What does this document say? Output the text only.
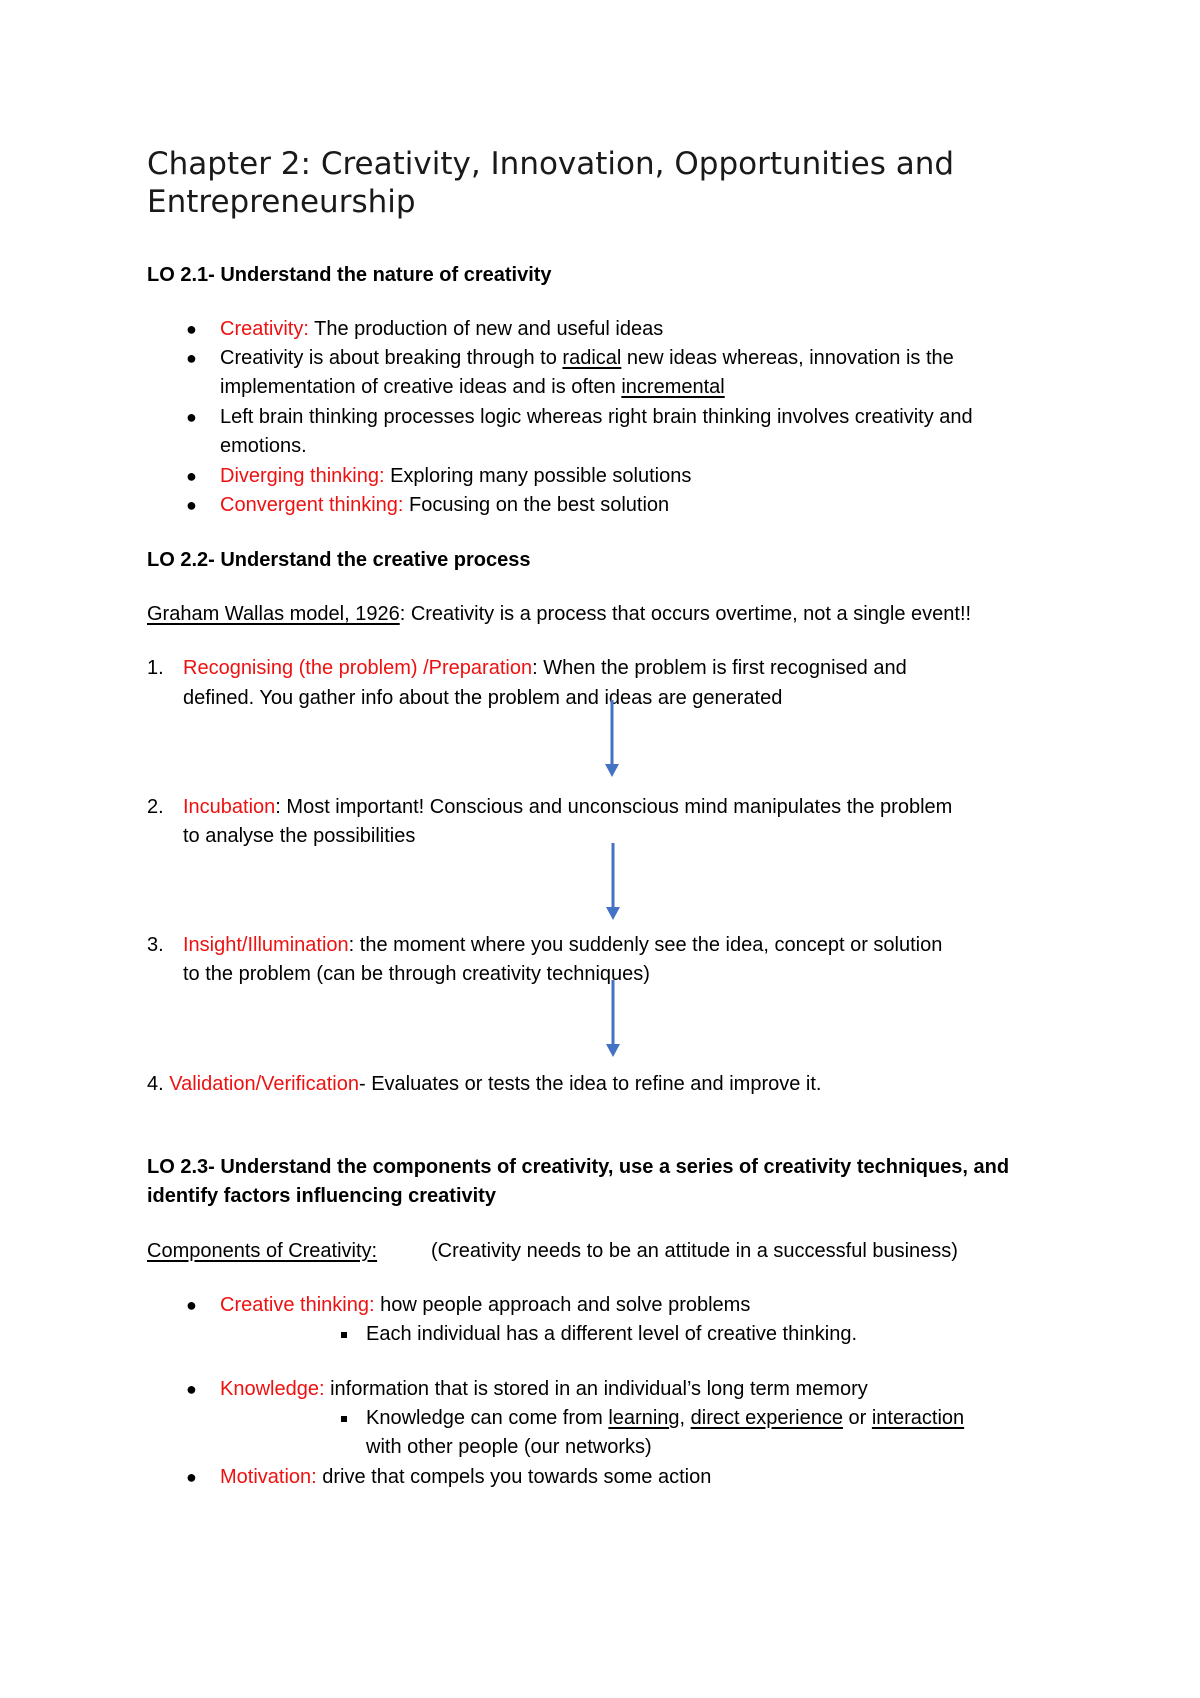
Chapter 2: Creativity, Innovation, Opportunities and
Entrepreneurship
LO 2.1- Understand the nature of creativity
● Creativity: The production of new and useful ideas
● Creativity is about breaking through to radical new ideas whereas, innovation is the
implementation of creative ideas and is often incremental
● Left brain thinking processes logic whereas right brain thinking involves creativity and
emotions.
● Diverging thinking: Exploring many possible solutions
● Convergent thinking: Focusing on the best solution
LO 2.2- Understand the creative process
Graham Wallas model, 1926: Creativity is a process that occurs overtime, not a single event!!
1. Recognising (the problem) /Preparation: When the problem is first recognised and
defined. You gather info about the problem and ideas are generated
2. Incubation: Most important! Conscious and unconscious mind manipulates the problem
to analyse the possibilities
3. Insight/Illumination: the moment where you suddenly see the idea, concept or solution
to the problem (can be through creativity techniques)
4. Validation/Verification- Evaluates or tests the idea to refine and improve it.
LO 2.3- Understand the components of creativity, use a series of creativity techniques, and
identify factors influencing creativity
Components of Creativity:	(Creativity needs to be an attitude in a successful business)
● Creative thinking: how people approach and solve problems
Each individual has a different level of creative thinking.
● Knowledge: information that is stored in an individual’s long term memory
Knowledge can come from learning, direct experience or interaction
with other people (our networks)
● Motivation: drive that compels you towards some action
